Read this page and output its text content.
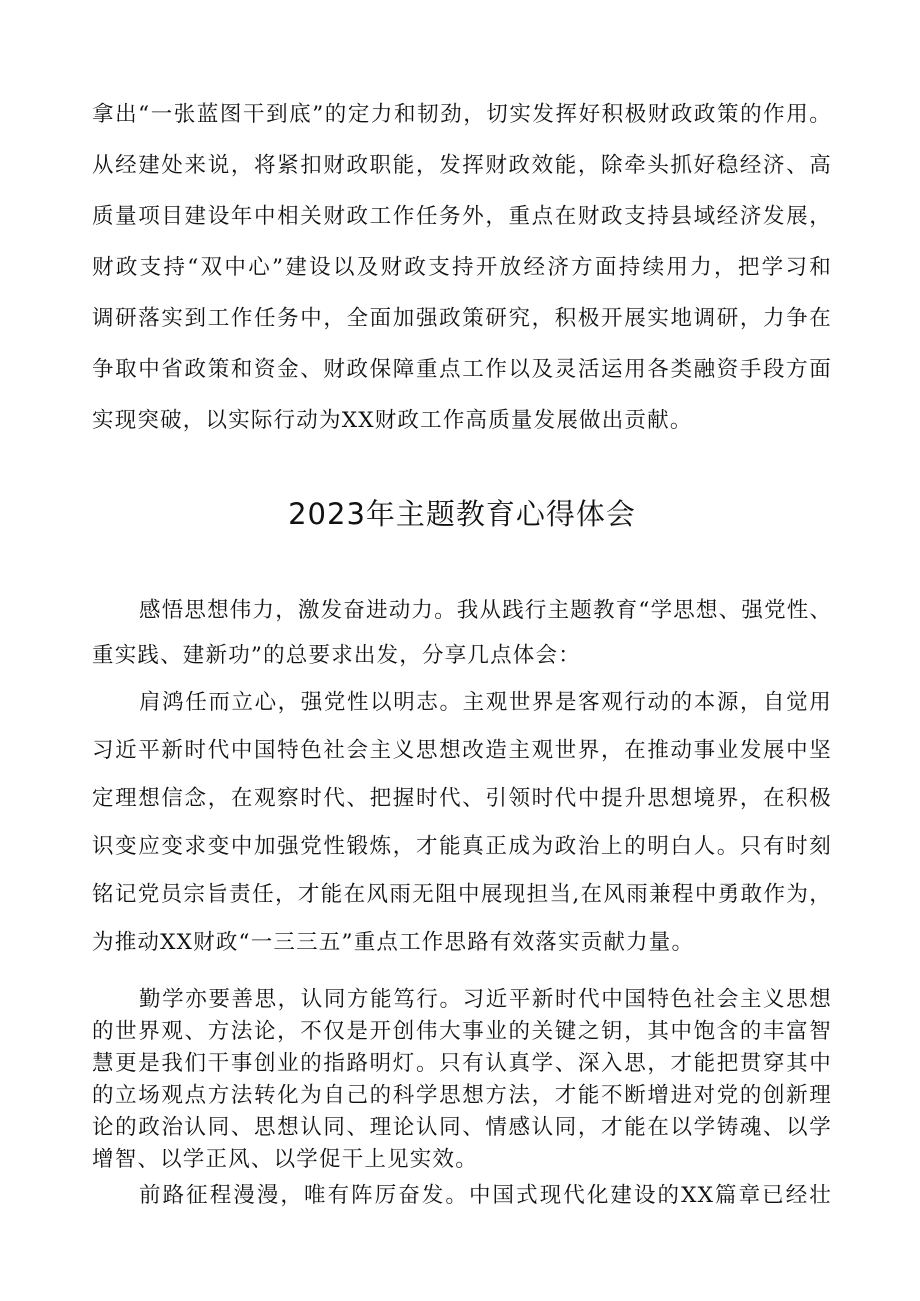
拿出“一张蓝图干到底”的定力和韧劲，切实发挥好积极财政政策的作用。
从经建处来说，将紧扣财政职能，发挥财政效能，除牵头抓好稳经济、高
质量项目建设年中相关财政工作任务外，重点在财政支持县域经济发展，
财政支持“双中心”建设以及财政支持开放经济方面持续用力，把学习和
调研落实到工作任务中，全面加强政策研究，积极开展实地调研，力争在
争取中省政策和资金、财政保障重点工作以及灵活运用各类融资手段方面
实现突破，以实际行动为XX财政工作高质量发展做出贡献。
2023年主题教育心得体会
感悟思想伟力，激发奋进动力。我从践行主题教育“学思想、强党性、
重实践、建新功”的总要求出发，分享几点体会：
肩鸿任而立心，强党性以明志。主观世界是客观行动的本源，自觉用
习近平新时代中国特色社会主义思想改造主观世界，在推动事业发展中坚
定理想信念，在观察时代、把握时代、引领时代中提升思想境界，在积极
识变应变求变中加强党性锻炼，才能真正成为政治上的明白人。只有时刻
铭记党员宗旨责任，才能在风雨无阻中展现担当,在风雨兼程中勇敢作为，
为推动XX财政“一三三五”重点工作思路有效落实贡献力量。
勤学亦要善思，认同方能笃行。习近平新时代中国特色社会主义思想
的世界观、方法论，不仅是开创伟大事业的关键之钥，其中饱含的丰富智
慧更是我们干事创业的指路明灯。只有认真学、深入思，才能把贯穿其中
的立场观点方法转化为自己的科学思想方法，才能不断增进对党的创新理
论的政治认同、思想认同、理论认同、情感认同，才能在以学铸魂、以学
增智、以学正风、以学促干上见实效。
前路征程漫漫，唯有阵厉奋发。中国式现代化建设的XX篇章已经壮
